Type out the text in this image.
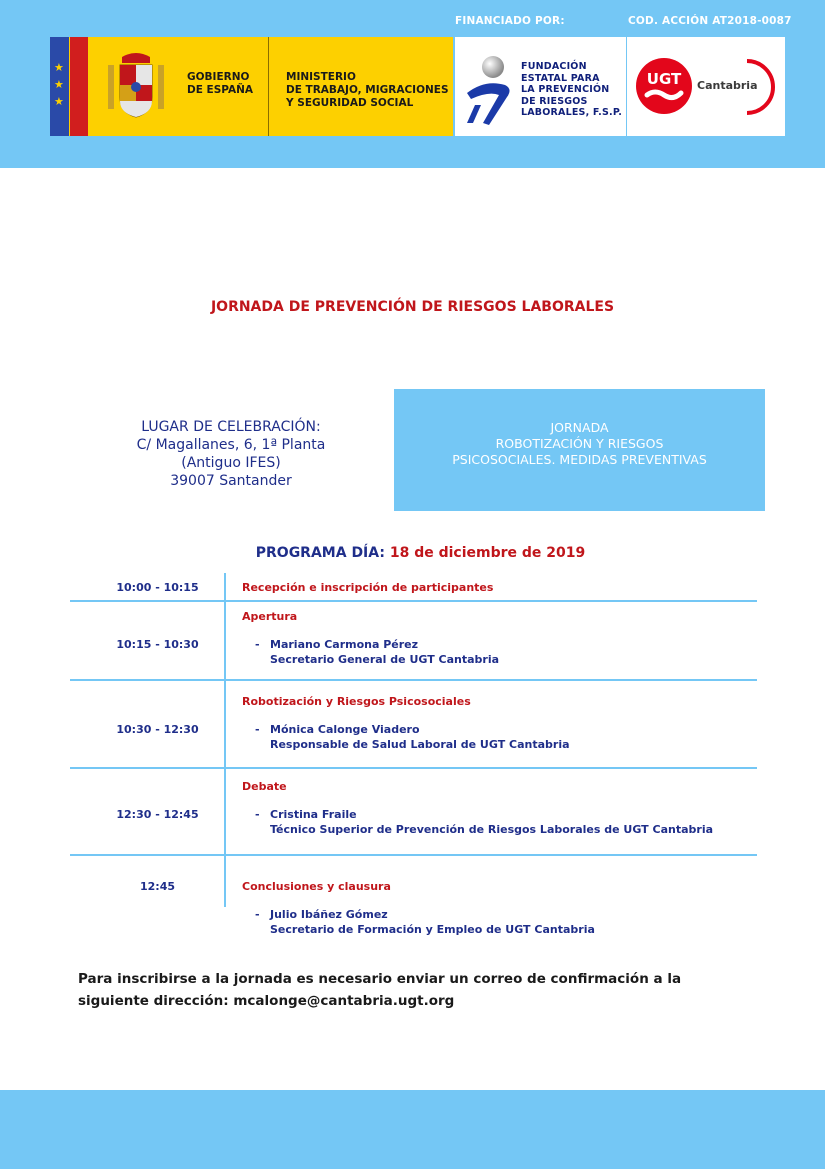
FINANCIADO POR:	COD. ACCIÓN AT2018-0087
★
★
★
GOBIERNO
DE ESPAÑA
MINISTERIO
DE TRABAJO, MIGRACIONES
Y SEGURIDAD SOCIAL
FUNDACIÓN
ESTATAL PARA
LA PREVENCIÓN
DE RIESGOS
LABORALES, F.S.P.
UGT Cantabria
JORNADA DE PREVENCIÓN DE RIESGOS LABORALES
LUGAR DE CELEBRACIÓN:
C/ Magallanes, 6, 1ª Planta
(Antiguo IFES)
39007 Santander
JORNADA
ROBOTIZACIÓN Y RIESGOS
PSICOSOCIALES. MEDIDAS PREVENTIVAS
PROGRAMA DÍA: 18 de diciembre de 2019
10:00 - 10:15	Recepción e inscripción de participantes
Apertura
10:15 - 10:30	- Mariano Carmona Pérez
Secretario General de UGT Cantabria
Robotización y Riesgos Psicosociales
10:30 - 12:30	- Mónica Calonge Viadero
Responsable de Salud Laboral de UGT Cantabria
Debate
12:30 - 12:45	- Cristina Fraile
Técnico Superior de Prevención de Riesgos Laborales de UGT Cantabria
12:45	Conclusiones y clausura
- Julio Ibáñez Gómez
Secretario de Formación y Empleo de UGT Cantabria
Para inscribirse a la jornada es necesario enviar un correo de confirmación a la
siguiente dirección: mcalonge@cantabria.ugt.org
